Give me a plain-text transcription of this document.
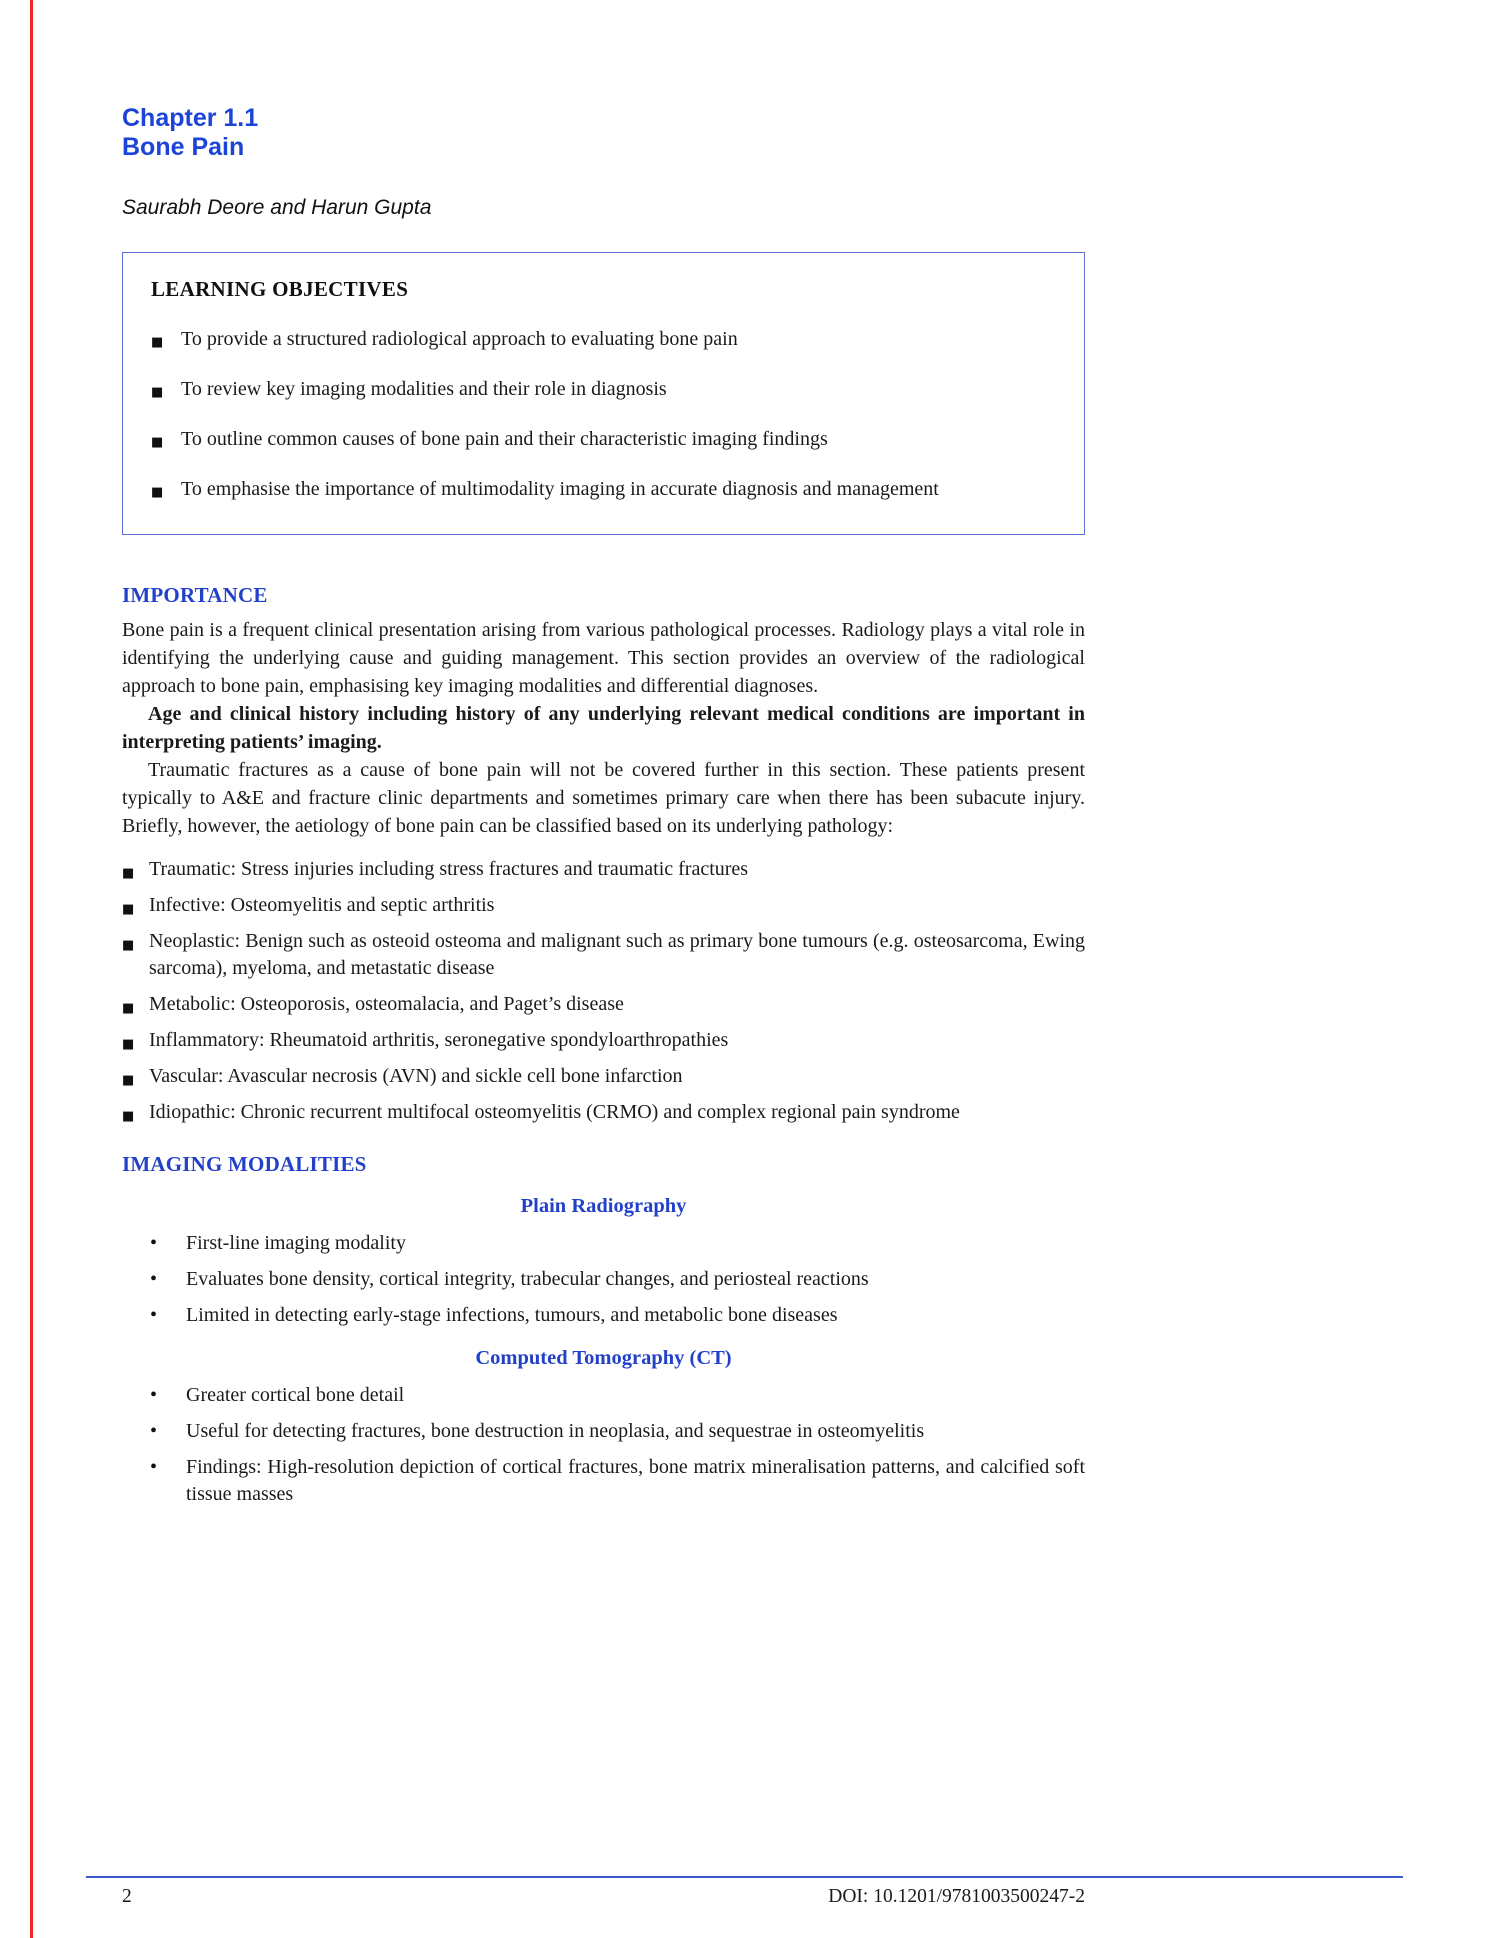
Chapter 1.1
Bone Pain
Saurabh Deore and Harun Gupta
LEARNING OBJECTIVES
■ To provide a structured radiological approach to evaluating bone pain
■ To review key imaging modalities and their role in diagnosis
■ To outline common causes of bone pain and their characteristic imaging findings
■ To emphasise the importance of multimodality imaging in accurate diagnosis and management
IMPORTANCE

Bone pain is a frequent clinical presentation arising from various pathological processes. Radiology plays a vital role in identifying the underlying cause and guiding management. This section provides an overview of the radiological approach to bone pain, emphasising key imaging modalities and differential diagnoses.

Age and clinical history including history of any underlying relevant medical conditions are important in interpreting patients’ imaging.

Traumatic fractures as a cause of bone pain will not be covered further in this section. These patients present typically to A&E and fracture clinic departments and sometimes primary care when there has been subacute injury. Briefly, however, the aetiology of bone pain can be classified based on its underlying pathology:

■ Traumatic: Stress injuries including stress fractures and traumatic fractures
■ Infective: Osteomyelitis and septic arthritis
■ Neoplastic: Benign such as osteoid osteoma and malignant such as primary bone tumours (e.g. osteosarcoma, Ewing sarcoma), myeloma, and metastatic disease
■ Metabolic: Osteoporosis, osteomalacia, and Paget’s disease
■ Inflammatory: Rheumatoid arthritis, seronegative spondyloarthropathies
■ Vascular: Avascular necrosis (AVN) and sickle cell bone infarction
■ Idiopathic: Chronic recurrent multifocal osteomyelitis (CRMO) and complex regional pain syndrome
IMAGING MODALITIES
Plain Radiography
• First-line imaging modality
• Evaluates bone density, cortical integrity, trabecular changes, and periosteal reactions
• Limited in detecting early-stage infections, tumours, and metabolic bone diseases
Computed Tomography (CT)
• Greater cortical bone detail
• Useful for detecting fractures, bone destruction in neoplasia, and sequestrae in osteomyelitis
• Findings: High-resolution depiction of cortical fractures, bone matrix mineralisation patterns, and calcified soft tissue masses
2	DOI: 10.1201/9781003500247-2
